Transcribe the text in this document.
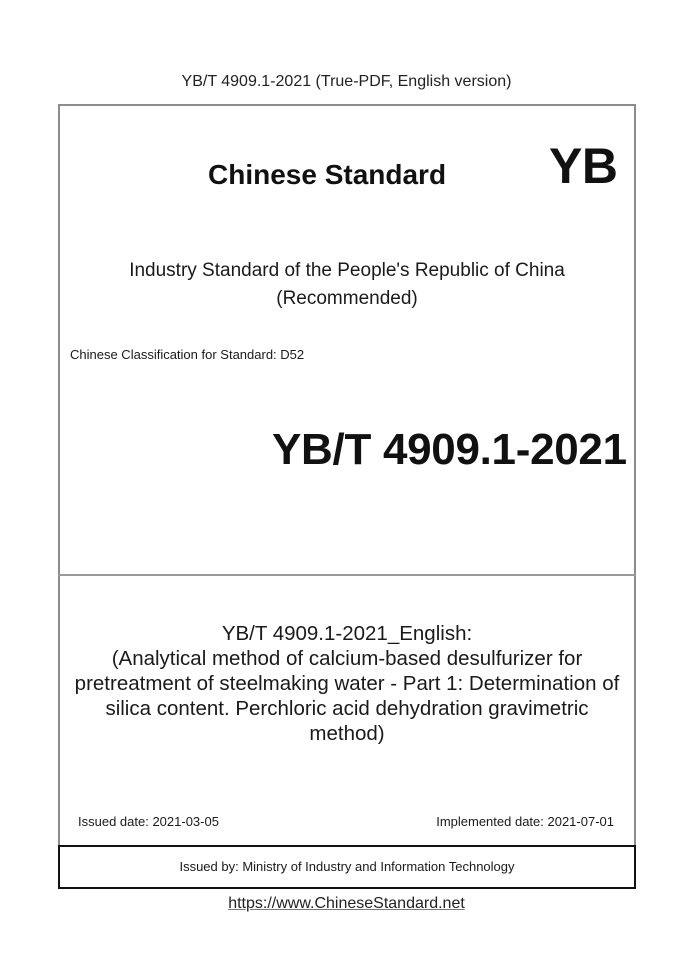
YB/T 4909.1-2021 (True-PDF, English version)
Chinese Standard YB
Industry Standard of the People's Republic of China
(Recommended)
Chinese Classification for Standard: D52
YB/T 4909.1-2021
YB/T 4909.1-2021_English:
(Analytical method of calcium-based desulfurizer for
pretreatment of steelmaking water - Part 1: Determination of
silica content. Perchloric acid dehydration gravimetric
method)
Issued date: 2021-03-05	Implemented date: 2021-07-01
Issued by: Ministry of Industry and Information Technology
https://www.ChineseStandard.net
